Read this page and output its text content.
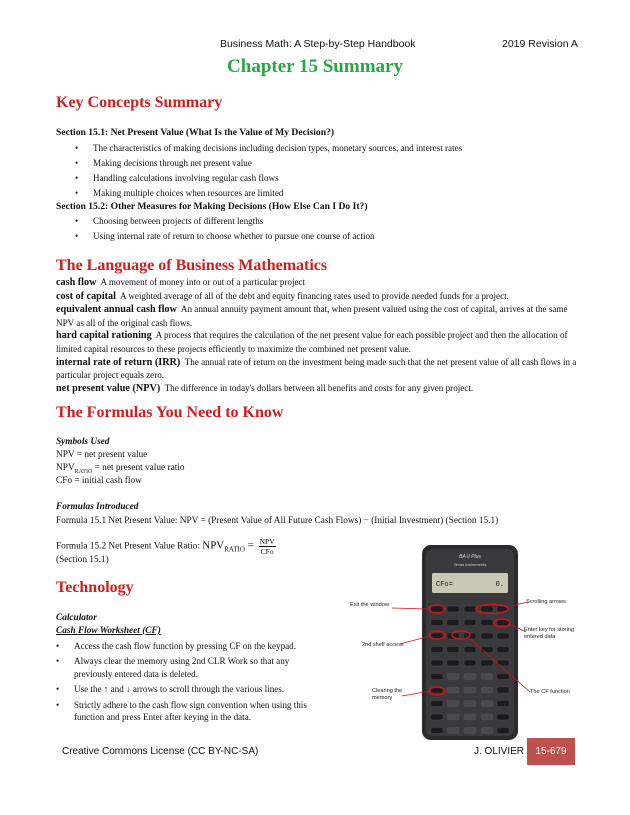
Business Math: A Step-by-Step Handbook	2019 Revision A
Chapter 15 Summary
Key Concepts Summary
Section 15.1: Net Present Value (What Is the Value of My Decision?)
• The characteristics of making decisions including decision types, monetary sources, and interest rates
• Making decisions through net present value
• Handling calculations involving regular cash flows
• Making multiple choices when resources are limited
Section 15.2: Other Measures for Making Decisions (How Else Can I Do It?)
• Choosing between projects of different lengths
• Using internal rate of return to choose whether to pursue one course of action
The Language of Business Mathematics

cash flow A movement of money into or out of a particular project

cost of capital A weighted average of all of the debt and equity financing rates used to provide needed funds for a project.

equivalent annual cash flow An annual annuity payment amount that, when present valued using the cost of capital, arrives at the same NPV as all of the original cash flows.

hard capital rationing A process that requires the calculation of the net present value for each possible project and then the allocation of limited capital resources to these projects efficiently to maximize the combined net present value.

internal rate of return (IRR) The annual rate of return on the investment being made such that the net present value of all cash flows in a particular project equals zero.

net present value (NPV) The difference in today's dollars between all benefits and costs for any given project.

The Formulas You Need to Know
Symbols Used
NPV = net present value
$NPV_{RATIO}$ = net present value ratio
CFo = initial cash flow
Formulas Introduced
Formula 15.1 Net Present Value: NPV = (Present Value of All Future Cash Flows) − (Initial Investment) (Section 15.1)
Formula 15.2 Net Present Value Ratio: $NPV_{RATIO} = \frac{\text{NPV}}{\text{CFo}}$
(Section 15.1)
Technology
Calculator
Cash Flow Worksheet (CF)
• Access the cash flow function by pressing CF on the keypad.
• Always clear the memory using 2nd CLR Work so that any previously entered data is deleted.
• Use the ↑ and ↓ arrows to scroll through the various lines.
• Strictly adhere to the cash flow sign convention when using this function and press Enter after keying in the data.
BA II Plus
Texas Instruments
CFo=	0.
Exit the window	Scrolling arrows
2nd shelf access
Enter key for storing entered data
Clearing the memory
The CF function
Creative Commons License (CC BY-NC-SA)	J. OLIVIER	15-679
